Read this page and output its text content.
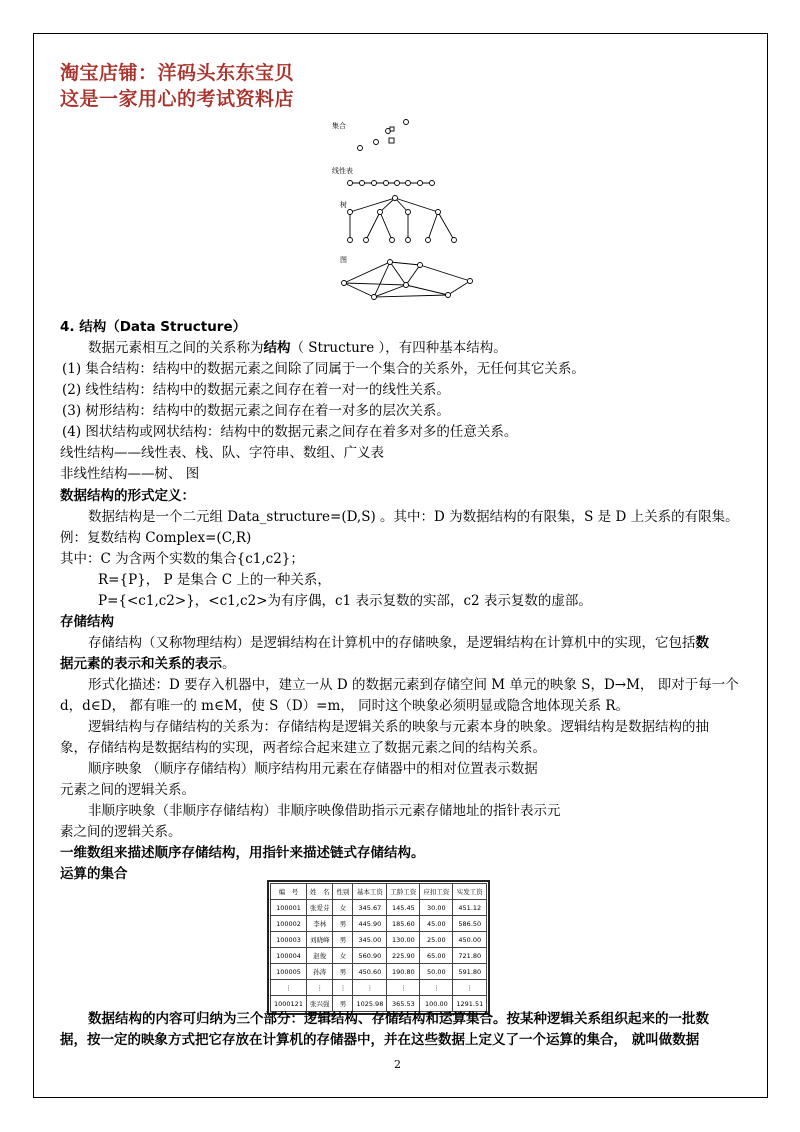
淘宝店铺：洋码头东东宝贝
这是一家用心的考试资料店
集合
线性表
树
图
4. 结构（Data Structure）
数据元素相互之间的关系称为结构（ Structure ），有四种基本结构。
(1) 集合结构：结构中的数据元素之间除了同属于一个集合的关系外，无任何其它关系。
(2) 线性结构：结构中的数据元素之间存在着一对一的线性关系。
(3) 树形结构：结构中的数据元素之间存在着一对多的层次关系。
(4) 图状结构或网状结构：结构中的数据元素之间存在着多对多的任意关系。
线性结构——线性表、栈、队、字符串、数组、广义表
非线性结构——树、 图
数据结构的形式定义：
数据结构是一个二元组 Data_structure=(D,S) 。其中：D 为数据结构的有限集，S 是 D 上关系的有限集。
例：复数结构 Complex=(C,R)
其中：C 为含两个实数的集合{c1,c2}；
R={P}， P 是集合 C 上的一种关系，
P={<c1,c2>}，<c1,c2>为有序偶，c1 表示复数的实部，c2 表示复数的虚部。
存储结构
存储结构（又称物理结构）是逻辑结构在计算机中的存储映象，是逻辑结构在计算机中的实现，它包括数
据元素的表示和关系的表示。
形式化描述：D 要存入机器中，建立一从 D 的数据元素到存储空间 M 单元的映象 S，D→M， 即对于每一个
d，d∈D， 都有唯一的 m∈M，使 S（D）=m， 同时这个映象必须明显或隐含地体现关系 R。
逻辑结构与存储结构的关系为：存储结构是逻辑关系的映象与元素本身的映象。逻辑结构是数据结构的抽
象，存储结构是数据结构的实现，两者综合起来建立了数据元素之间的结构关系。
顺序映象 （顺序存储结构）顺序结构用元素在存储器中的相对位置表示数据
元素之间的逻辑关系。
非顺序映象（非顺序存储结构）非顺序映像借助指示元素存储地址的指针表示元
素之间的逻辑关系。
一维数组来描述顺序存储结构，用指针来描述链式存储结构。
运算的集合
编　号	姓　名	性别	基本工资	工龄工资	应扣工资	实发工资
100001	张爱芬	女	345.67	145.45	30.00	451.12
100002	李林	男	445.90	185.60	45.00	586.50
100003	刘晓峰	男	345.00	130.00	25.00	450.00
100004	赵俊	女	560.90	225.90	65.00	721.80
100005	孙涛	男	450.60	190.80	50.00	591.80
⋮	⋮	⋮	⋮	⋮	⋮	⋮
1000121	张兴强	男	1025.98	365.53	100.00	1291.51
数据结构的内容可归纳为三个部分：逻辑结构、存储结构和运算集合。按某种逻辑关系组织起来的一批数
据，按一定的映象方式把它存放在计算机的存储器中，并在这些数据上定义了一个运算的集合， 就叫做数据
2
